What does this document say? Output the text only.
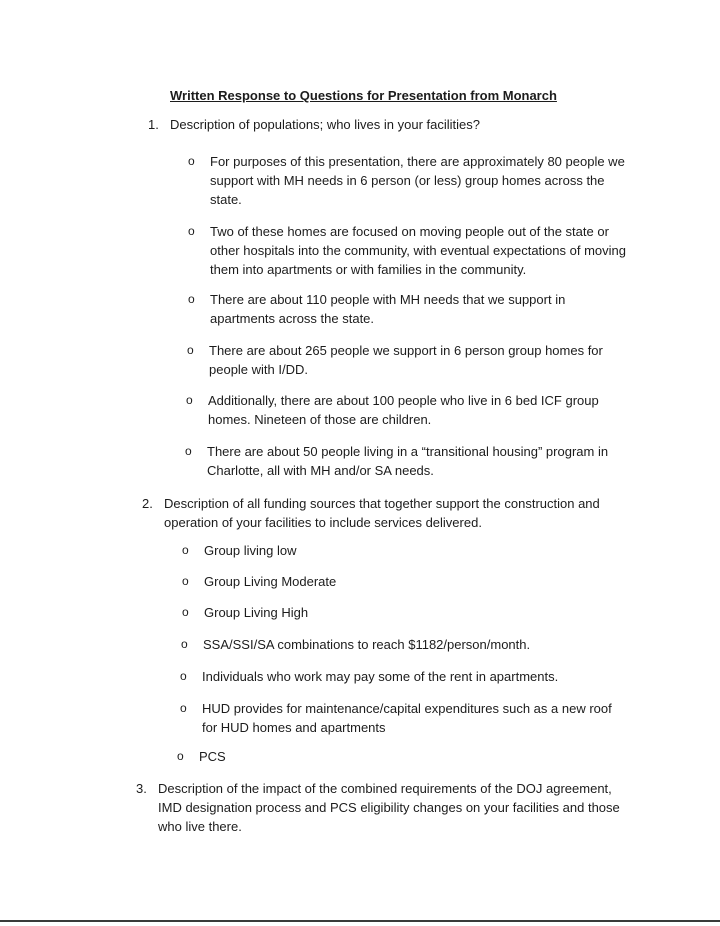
Written Response to Questions for Presentation from Monarch
1. Description of populations; who lives in your facilities?
o	For purposes of this presentation, there are approximately 80 people we support with MH needs in 6 person (or less) group homes across the state.
o	Two of these homes are focused on moving people out of the state or other hospitals into the community, with eventual expectations of moving them into apartments or with families in the community.
o	There are about 110 people with MH needs that we support in apartments across the state.
o	There are about 265 people we support in 6 person group homes for people with I/DD.
o	Additionally, there are about 100 people who live in 6 bed ICF group homes. Nineteen of those are children.
o	There are about 50 people living in a “transitional housing” program in Charlotte, all with MH and/or SA needs.
2. Description of all funding sources that together support the construction and operation of your facilities to include services delivered.
o	Group living low
o	Group Living Moderate
o	Group Living High
o	SSA/SSI/SA combinations to reach $1182/person/month.
o	Individuals who work may pay some of the rent in apartments.
o	HUD provides for maintenance/capital expenditures such as a new roof for HUD homes and apartments
o	PCS
3. Description of the impact of the combined requirements of the DOJ agreement, IMD designation process and PCS eligibility changes on your facilities and those who live there.
